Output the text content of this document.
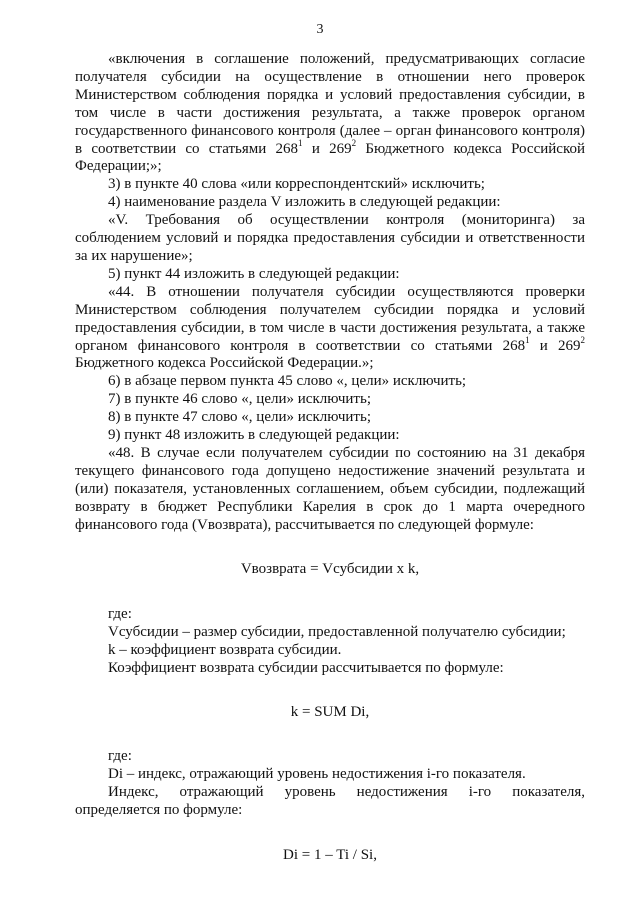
3

«включения в соглашение положений, предусматривающих согласие получателя субсидии на осуществление в отношении него проверок Министерством соблюдения порядка и условий предоставления субсидии, в том числе в части достижения результата, а также проверок органом государственного финансового контроля (далее – орган финансового контроля) в соответствии со статьями $268^1$ и $269^2$ Бюджетного кодекса Российской Федерации;»;

3) в пункте 40 слова «или корреспондентский» исключить;

4) наименование раздела V изложить в следующей редакции:

«V. Требования об осуществлении контроля (мониторинга) за соблюдением условий и порядка предоставления субсидии и ответственности за их нарушение»;

5) пункт 44 изложить в следующей редакции:

«44. В отношении получателя субсидии осуществляются проверки Министерством соблюдения получателем субсидии порядка и условий предоставления субсидии, в том числе в части достижения результата, а также органом финансового контроля в соответствии со статьями $268^1$ и $269^2$ Бюджетного кодекса Российской Федерации.»;

6) в абзаце первом пункта 45 слово «, цели» исключить;

7) в пункте 46 слово «, цели» исключить;

8) в пункте 47 слово «, цели» исключить;

9) пункт 48 изложить в следующей редакции:

«48. В случае если получателем субсидии по состоянию на 31 декабря текущего финансового года допущено недостижение значений результата и (или) показателя, установленных соглашением, объем субсидии, подлежащий возврату в бюджет Республики Карелия в срок до 1 марта очередного финансового года (Vвозврата), рассчитывается по следующей формуле:

Vвозврата = Vсубсидии x k,

где:

Vсубсидии – размер субсидии, предоставленной получателю субсидии;

k – коэффициент возврата субсидии.

Коэффициент возврата субсидии рассчитывается по формуле:

k = SUM Di,

где:

Di – индекс, отражающий уровень недостижения i-го показателя.

Индекс, отражающий уровень недостижения i-го показателя, определяется по формуле:

Di = 1 – Ti / Si,
